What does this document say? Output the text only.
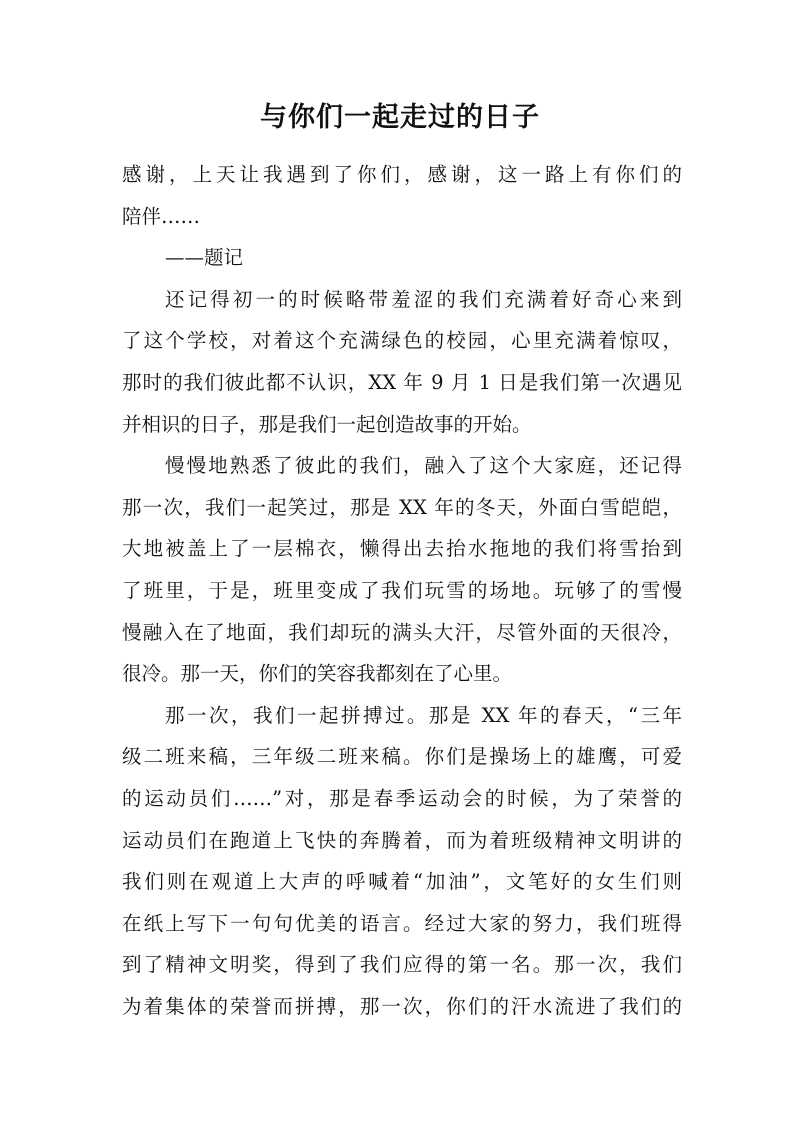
与你们一起走过的日子
感谢，上天让我遇到了你们，感谢，这一路上有你们的
陪伴……
——题记
还记得初一的时候略带羞涩的我们充满着好奇心来到
了这个学校，对着这个充满绿色的校园，心里充满着惊叹，
那时的我们彼此都不认识，XX 年 9 月 1 日是我们第一次遇见
并相识的日子，那是我们一起创造故事的开始。
慢慢地熟悉了彼此的我们，融入了这个大家庭，还记得
那一次，我们一起笑过，那是 XX 年的冬天，外面白雪皑皑，
大地被盖上了一层棉衣，懒得出去抬水拖地的我们将雪抬到
了班里，于是，班里变成了我们玩雪的场地。玩够了的雪慢
慢融入在了地面，我们却玩的满头大汗，尽管外面的天很冷，
很冷。那一天，你们的笑容我都刻在了心里。
那一次，我们一起拼搏过。那是 XX 年的春天，“三年
级二班来稿，三年级二班来稿。你们是操场上的雄鹰，可爱
的运动员们……”对，那是春季运动会的时候，为了荣誉的
运动员们在跑道上飞快的奔腾着，而为着班级精神文明讲的
我们则在观道上大声的呼喊着“加油”，文笔好的女生们则
在纸上写下一句句优美的语言。经过大家的努力，我们班得
到了精神文明奖，得到了我们应得的第一名。那一次，我们
为着集体的荣誉而拼搏，那一次，你们的汗水流进了我们的
